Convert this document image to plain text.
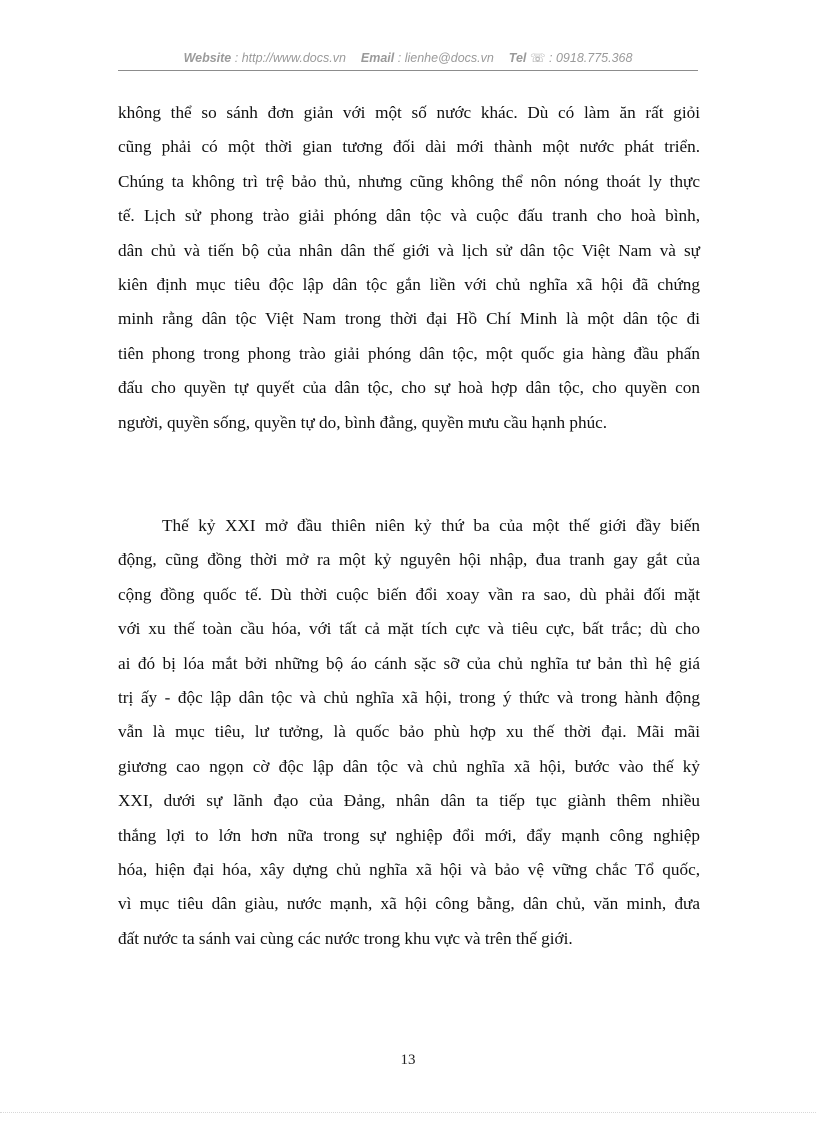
Website : http://www.docs.vn Email : lienhe@docs.vn Tel ☏ : 0918.775.368
không thể so sánh đơn giản với một số nước khác. Dù có làm ăn rất giỏi
cũng phải có một thời gian tương đối dài mới thành một nước phát triển.
Chúng ta không trì trệ bảo thủ, nhưng cũng không thể nôn nóng thoát ly thực
tế. Lịch sử phong trào giải phóng dân tộc và cuộc đấu tranh cho hoà bình,
dân chủ và tiến bộ của nhân dân thế giới và lịch sử dân tộc Việt Nam và sự
kiên định mục tiêu độc lập dân tộc gắn liền với chủ nghĩa xã hội đã chứng
minh rằng dân tộc Việt Nam trong thời đại Hồ Chí Minh là một dân tộc đi
tiên phong trong phong trào giải phóng dân tộc, một quốc gia hàng đầu phấn
đấu cho quyền tự quyết của dân tộc, cho sự hoà hợp dân tộc, cho quyền con
người, quyền sống, quyền tự do, bình đẳng, quyền mưu cầu hạnh phúc.
Thế kỷ XXI mở đầu thiên niên kỷ thứ ba của một thế giới đầy biến
động, cũng đồng thời mở ra một kỷ nguyên hội nhập, đua tranh gay gắt của
cộng đồng quốc tế. Dù thời cuộc biến đổi xoay vần ra sao, dù phải đối mặt
với xu thế toàn cầu hóa, với tất cả mặt tích cực và tiêu cực, bất trắc; dù cho
ai đó bị lóa mắt bởi những bộ áo cánh sặc sỡ của chủ nghĩa tư bản thì hệ giá
trị ấy - độc lập dân tộc và chủ nghĩa xã hội, trong ý thức và trong hành động
vẫn là mục tiêu, lư tưởng, là quốc bảo phù hợp xu thế thời đại. Mãi mãi
giương cao ngọn cờ độc lập dân tộc và chủ nghĩa xã hội, bước vào thế kỷ
XXI, dưới sự lãnh đạo của Đảng, nhân dân ta tiếp tục giành thêm nhiều
thắng lợi to lớn hơn nữa trong sự nghiệp đổi mới, đẩy mạnh công nghiệp
hóa, hiện đại hóa, xây dựng chủ nghĩa xã hội và bảo vệ vững chắc Tổ quốc,
vì mục tiêu dân giàu, nước mạnh, xã hội công bằng, dân chủ, văn minh, đưa
đất nước ta sánh vai cùng các nước trong khu vực và trên thế giới.
13
